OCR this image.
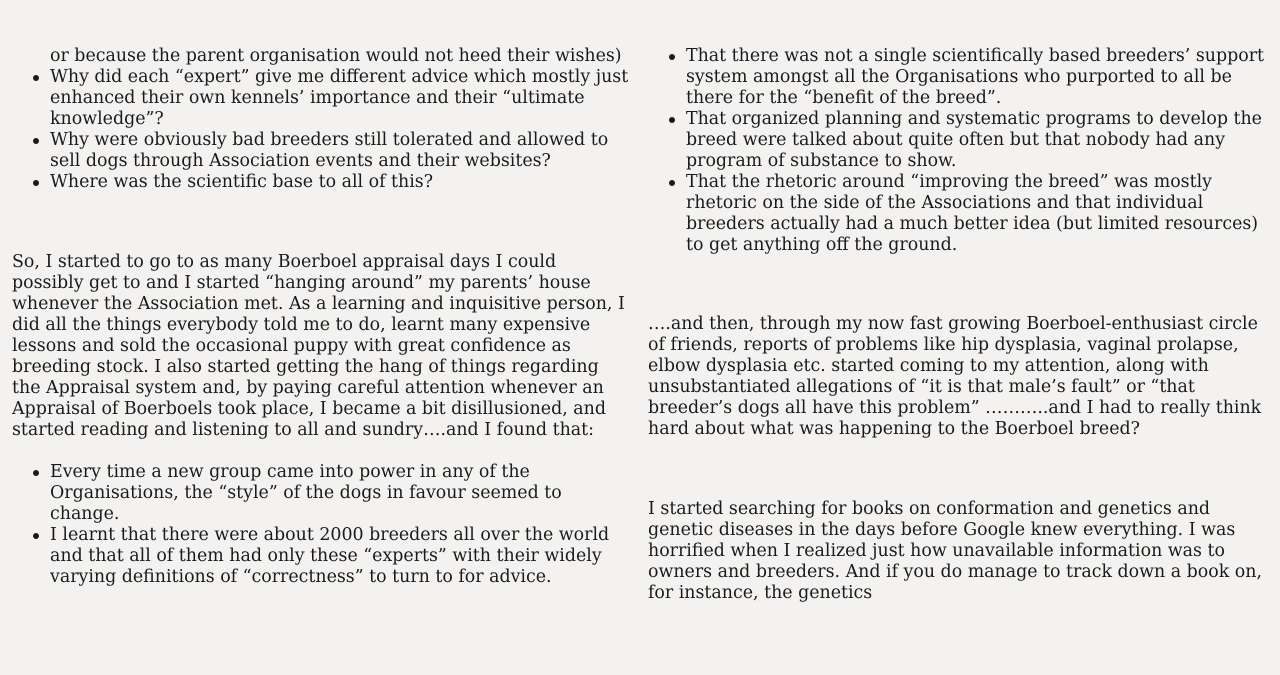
or because the parent organisation would not heed their wishes)

Why did each “expert” give me different advice which mostly just enhanced their own kennels’ importance and their “ultimate knowledge”?
Why were obviously bad breeders still tolerated and allowed to sell dogs through Association events and their websites?
Where was the scientific base to all of this?

So, I started to go to as many Boerboel appraisal days I could possibly get to and I started “hanging around” my parents’ house whenever the Association met. As a learning and inquisitive person, I did all the things everybody told me to do, learnt many expensive lessons and sold the occasional puppy with great confidence as breeding stock. I also started getting the hang of things regarding the Appraisal system and, by paying careful attention whenever an Appraisal of Boerboels took place, I became a bit disillusioned, and started reading and listening to all and sundry….and I found that:

Every time a new group came into power in any of the Organisations, the “style” of the dogs in favour seemed to change.
I learnt that there were about 2000 breeders all over the world and that all of them had only these “experts” with their widely varying definitions of “correctness” to turn to for advice.
That there was not a single scientifically based breeders’ support system amongst all the Organisations who purported to all be there for the “benefit of the breed”.
That organized planning and systematic programs to develop the breed were talked about quite often but that nobody had any program of substance to show.
That the rhetoric around “improving the breed” was mostly rhetoric on the side of the Associations and that individual breeders actually had a much better idea (but limited resources) to get anything off the ground.

….and then, through my now fast growing Boerboel-enthusiast circle of friends, reports of problems like hip dysplasia, vaginal prolapse, elbow dysplasia etc. started coming to my attention, along with unsubstantiated allegations of “it is that male’s fault” or “that breeder’s dogs all have this problem” ………..and I had to really think hard about what was happening to the Boerboel breed?

I started searching for books on conformation and genetics and genetic diseases in the days before Google knew everything. I was horrified when I realized just how unavailable information was to owners and breeders. And if you do manage to track down a book on, for instance, the genetics
